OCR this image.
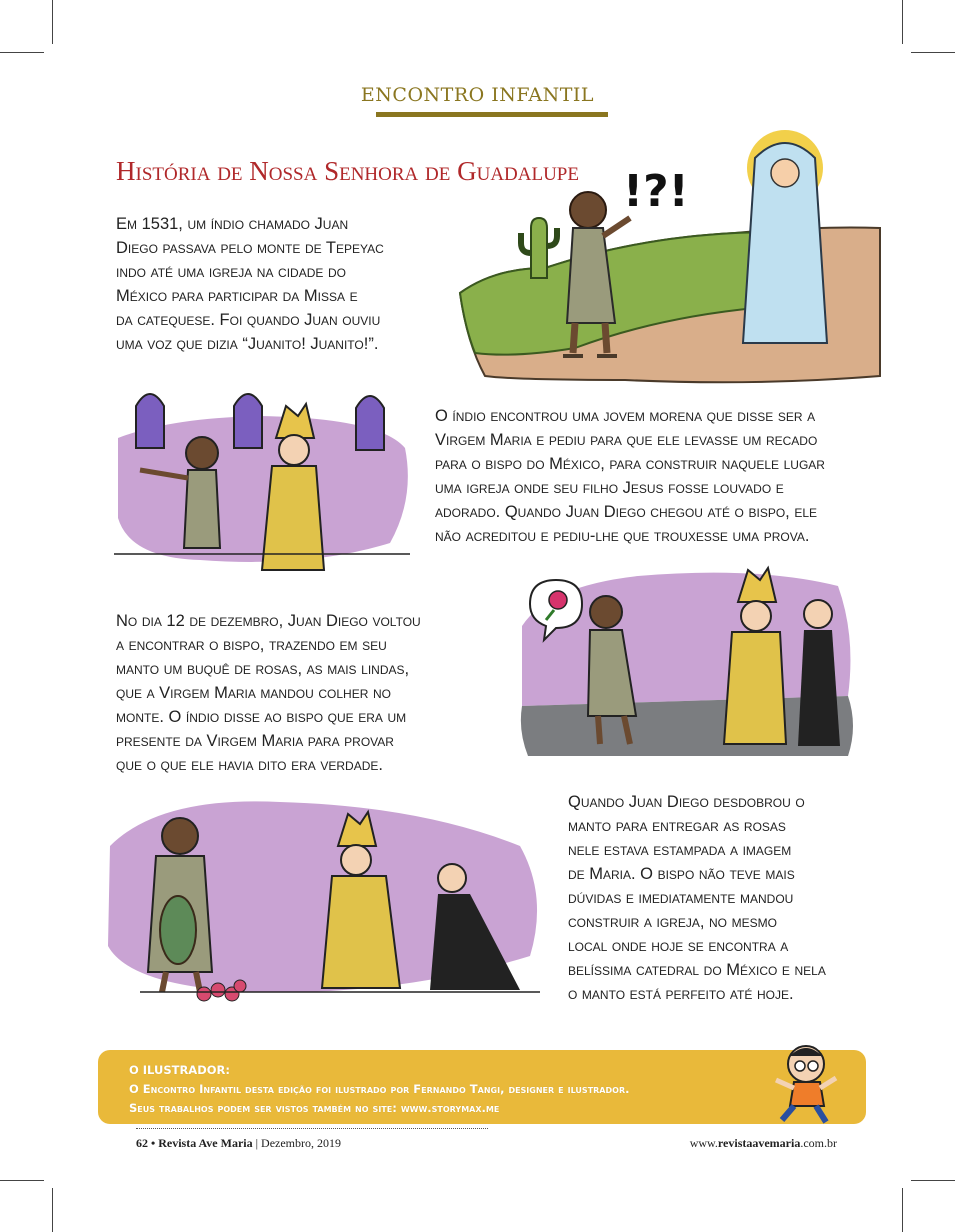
ENCONTRO INFANTIL
História de Nossa Senhora de Guadalupe

Em 1531, um índio chamado Juan
Diego passava pelo monte de Tepeyac
indo até uma igreja na cidade do
México para participar da Missa e
da catequese. Foi quando Juan ouviu
uma voz que dizia “Juanito! Juanito!”.

!?!

O índio encontrou uma jovem morena que disse ser a
Virgem Maria e pediu para que ele levasse um recado
para o bispo do México, para construir naquele lugar
uma igreja onde seu filho Jesus fosse louvado e
adorado. Quando Juan Diego chegou até o bispo, ele
não acreditou e pediu-lhe que trouxesse uma prova.

No dia 12 de dezembro, Juan Diego voltou
a encontrar o bispo, trazendo em seu
manto um buquê de rosas, as mais lindas,
que a Virgem Maria mandou colher no
monte. O índio disse ao bispo que era um
presente da Virgem Maria para provar
que o que ele havia dito era verdade.

Quando Juan Diego desdobrou o
manto para entregar as rosas
nele estava estampada a imagem
de Maria. O bispo não teve mais
dúvidas e imediatamente mandou
construir a igreja, no mesmo
local onde hoje se encontra a
belíssima catedral do México e nela
o manto está perfeito até hoje.

O ILUSTRADOR:
O Encontro Infantil desta edição foi ilustrado por Fernando Tangi, designer e ilustrador.
Seus trabalhos podem ser vistos também no site: www.storymax.me

62 • Revista Ave Maria | Dezembro, 2019	www.revistaavemaria.com.br
